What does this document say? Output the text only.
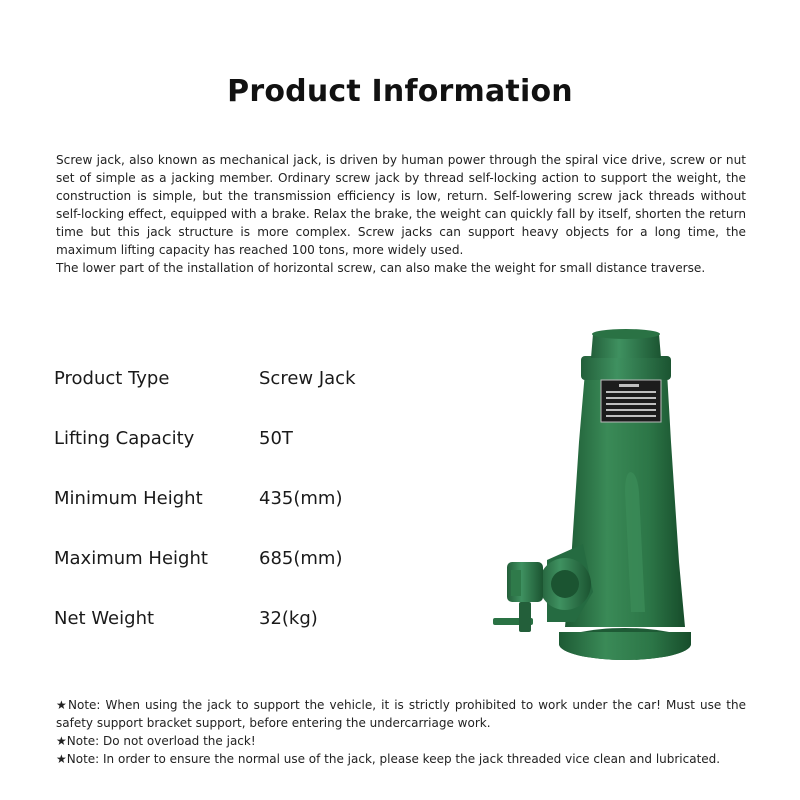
Product Information

Screw jack, also known as mechanical jack, is driven by human power through the spiral vice drive, screw or nut set of simple as a jacking member. Ordinary screw jack by thread self-locking action to support the weight, the construction is simple, but the transmission efficiency is low, return. Self-lowering screw jack threads without self-locking effect, equipped with a brake. Relax the brake, the weight can quickly fall by itself, shorten the return time but this jack structure is more complex. Screw jacks can support heavy objects for a long time, the maximum lifting capacity has reached 100 tons, more widely used.

The lower part of the installation of horizontal screw, can also make the weight for small distance traverse.

Product Type	Screw Jack
Lifting Capacity	50T
Minimum Height	435(mm)
Maximum Height	685(mm)
Net Weight	32(kg)

★Note: When using the jack to support the vehicle, it is strictly prohibited to work under the car! Must use the safety support bracket support, before entering the undercarriage work.

★Note: Do not overload the jack!

★Note: In order to ensure the normal use of the jack, please keep the jack threaded vice clean and lubricated.
